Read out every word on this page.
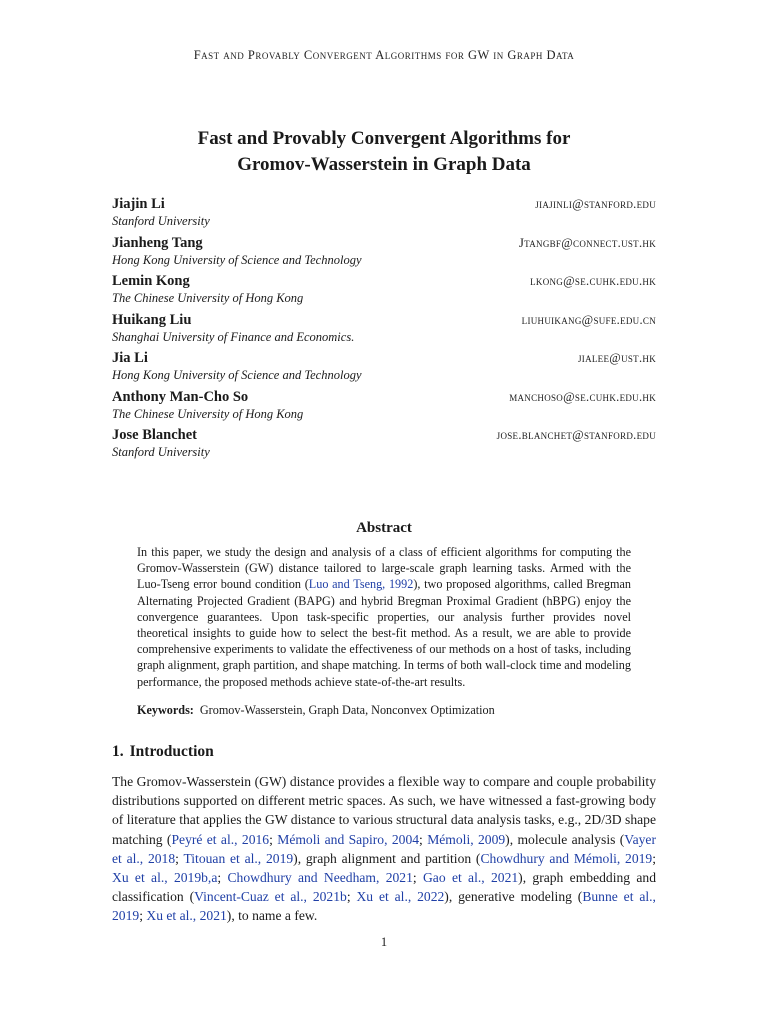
Fast and Provably Convergent Algorithms for GW in Graph Data
Fast and Provably Convergent Algorithms for
Gromov-Wasserstein in Graph Data
Jiajin Li
Stanford University
jiajinli@stanford.edu
Jianheng Tang
Hong Kong University of Science and Technology
Jtangbf@connect.ust.hk
Lemin Kong
The Chinese University of Hong Kong
lkong@se.cuhk.edu.hk
Huikang Liu
Shanghai University of Finance and Economics.
liuhuikang@sufe.edu.cn
Jia Li
Hong Kong University of Science and Technology
jialee@ust.hk
Anthony Man-Cho So
The Chinese University of Hong Kong
manchoso@se.cuhk.edu.hk
Jose Blanchet
Stanford University
jose.blanchet@stanford.edu
Abstract
In this paper, we study the design and analysis of a class of efficient algorithms for computing the Gromov-Wasserstein (GW) distance tailored to large-scale graph learning tasks. Armed with the Luo-Tseng error bound condition (Luo and Tseng, 1992), two proposed algorithms, called Bregman Alternating Projected Gradient (BAPG) and hybrid Bregman Proximal Gradient (hBPG) enjoy the convergence guarantees. Upon task-specific properties, our analysis further provides novel theoretical insights to guide how to select the best-fit method. As a result, we are able to provide comprehensive experiments to validate the effectiveness of our methods on a host of tasks, including graph alignment, graph partition, and shape matching. In terms of both wall-clock time and modeling performance, the proposed methods achieve state-of-the-art results.
Keywords: Gromov-Wasserstein, Graph Data, Nonconvex Optimization
1. Introduction
The Gromov-Wasserstein (GW) distance provides a flexible way to compare and couple probability distributions supported on different metric spaces. As such, we have witnessed a fast-growing body of literature that applies the GW distance to various structural data analysis tasks, e.g., 2D/3D shape matching (Peyré et al., 2016; Mémoli and Sapiro, 2004; Mémoli, 2009), molecule analysis (Vayer et al., 2018; Titouan et al., 2019), graph alignment and partition (Chowdhury and Mémoli, 2019; Xu et al., 2019b,a; Chowdhury and Needham, 2021; Gao et al., 2021), graph embedding and classification (Vincent-Cuaz et al., 2021b; Xu et al., 2022), generative modeling (Bunne et al., 2019; Xu et al., 2021), to name a few.
1
